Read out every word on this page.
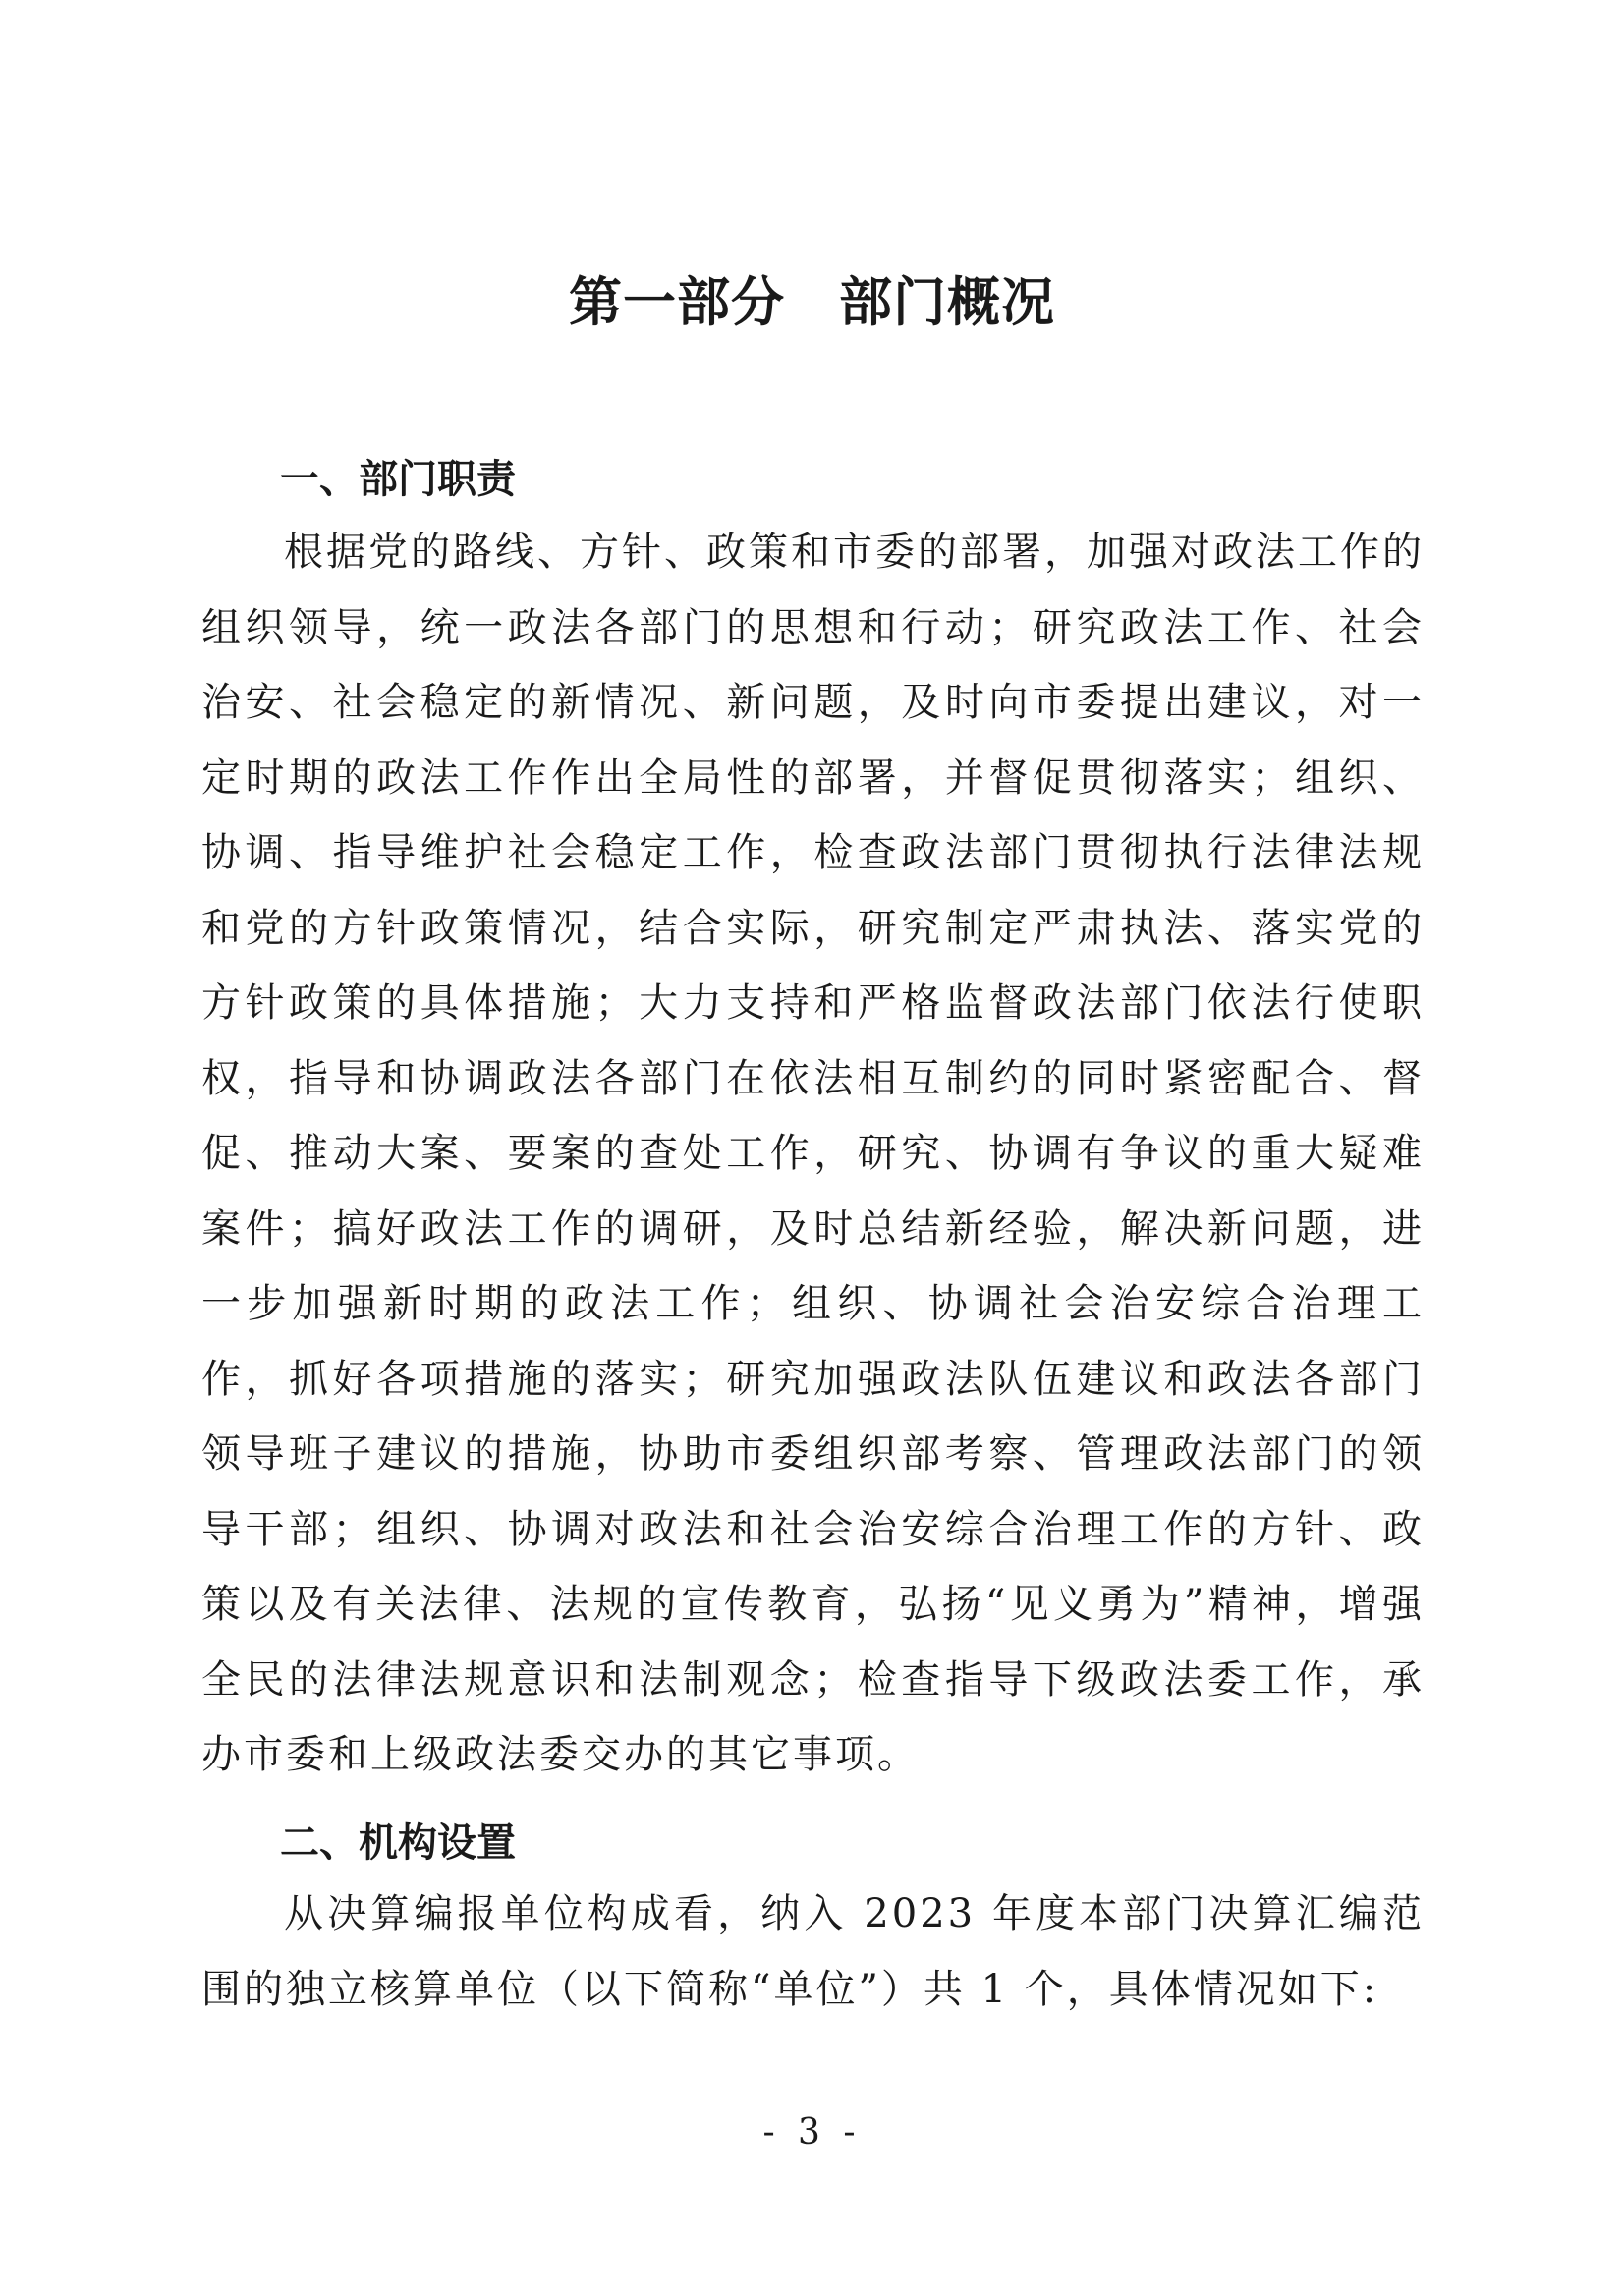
第一部分　部门概况
一、部门职责

根据党的路线、方针、政策和市委的部署，加强对政法工作的组织领导，统一政法各部门的思想和行动；研究政法工作、社会治安、社会稳定的新情况、新问题，及时向市委提出建议，对一定时期的政法工作作出全局性的部署，并督促贯彻落实；组织、协调、指导维护社会稳定工作，检查政法部门贯彻执行法律法规和党的方针政策情况，结合实际，研究制定严肃执法、落实党的方针政策的具体措施；大力支持和严格监督政法部门依法行使职权，指导和协调政法各部门在依法相互制约的同时紧密配合、督促、推动大案、要案的查处工作，研究、协调有争议的重大疑难案件；搞好政法工作的调研，及时总结新经验，解决新问题，进一步加强新时期的政法工作；组织、协调社会治安综合治理工作，抓好各项措施的落实；研究加强政法队伍建议和政法各部门领导班子建议的措施，协助市委组织部考察、管理政法部门的领导干部；组织、协调对政法和社会治安综合治理工作的方针、政策以及有关法律、法规的宣传教育，弘扬“见义勇为”精神，增强全民的法律法规意识和法制观念；检查指导下级政法委工作，承办市委和上级政法委交办的其它事项。

二、机构设置

从决算编报单位构成看，纳入 2023 年度本部门决算汇编范围的独立核算单位（以下简称“单位”）共 1 个，具体情况如下:

- 3 -
